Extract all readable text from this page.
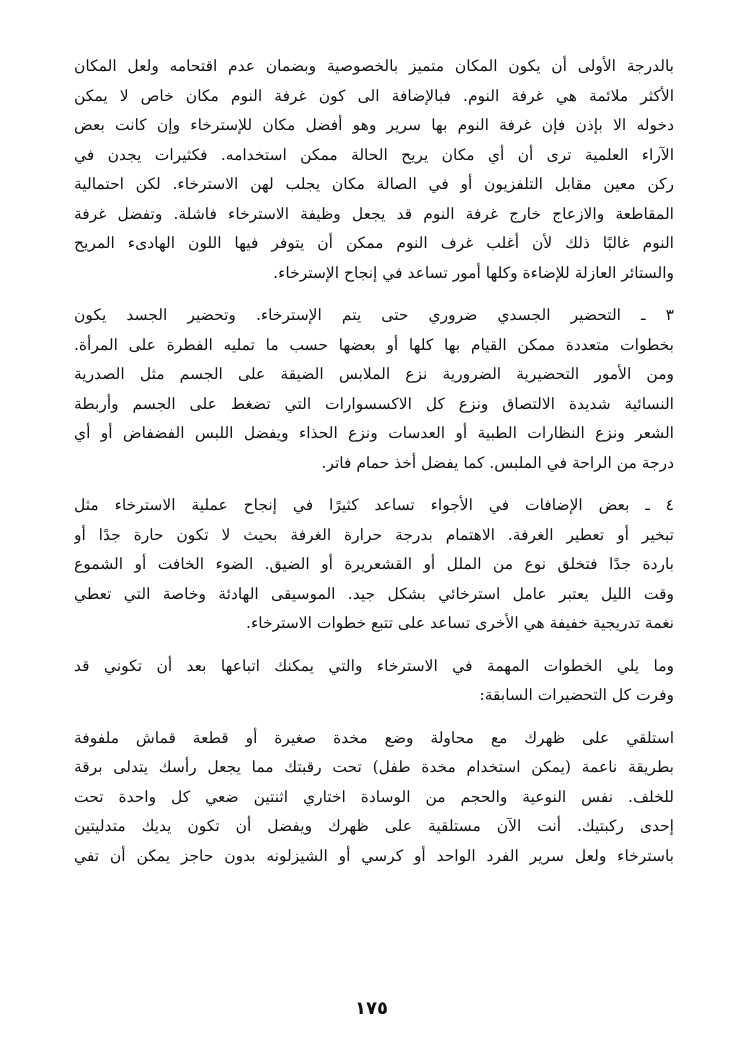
بالدرجة الأولى أن يكون المكان متميز بالخصوصية وبضمان عدم اقتحامه ولعل المكان
الأكثر ملائمة هي غرفة النوم. فبالإضافة الى كون غرفة النوم مكان خاص لا يمكن
دخوله الا بإذن فإن غرفة النوم بها سرير وهو أفضل مكان للإسترخاء وإن كانت بعض
الآراء العلمية ترى أن أي مكان يريح الحالة ممكن استخدامه. فكثيرات يجدن في
ركن معين مقابل التلفزيون أو في الصالة مكان يجلب لهن الاسترخاء. لكن احتمالية
المقاطعة والازعاج خارج غرفة النوم قد يجعل وظيفة الاسترخاء فاشلة. وتفضل غرفة
النوم غالبًا ذلك لأن أغلب غرف النوم ممكن أن يتوفر فيها اللون الهادىء المريح
والستائر العازلة للإضاءة وكلها أمور تساعد في إنجاح الإسترخاء.
٣ ـ التحضير الجسدي ضروري حتى يتم الإسترخاء. وتحضير الجسد يكون
بخطوات متعددة ممكن القيام بها كلها أو بعضها حسب ما تمليه الفطرة على المرأة.
ومن الأمور التحضيرية الضرورية نزع الملابس الضيقة على الجسم مثل الصدرية
النسائية شديدة الالتصاق ونزع كل الاكسسوارات التي تضغط على الجسم وأربطة
الشعر ونزع النظارات الطبية أو العدسات ونزع الحذاء ويفضل اللبس الفضفاض أو أي
درجة من الراحة في الملبس. كما يفضل أخذ حمام فاتر.
٤ ـ بعض الإضافات في الأجواء تساعد كثيرًا في إنجاح عملية الاسترخاء مثل
تبخير أو تعطير الغرفة. الاهتمام بدرجة حرارة الغرفة بحيث لا تكون حارة جدًا أو
باردة جدًا فتخلق نوع من الملل أو القشعريرة أو الضيق. الضوء الخافت أو الشموع
وقت الليل يعتبر عامل استرخائي بشكل جيد. الموسيقى الهادئة وخاصة التي تعطي
نغمة تدريجية خفيفة هي الأخرى تساعد على تتبع خطوات الاسترخاء.
وما يلي الخطوات المهمة في الاسترخاء والتي يمكنك اتباعها بعد أن تكوني قد
وفرت كل التحضيرات السابقة:
استلقي على ظهرك مع محاولة وضع مخدة صغيرة أو قطعة قماش ملفوفة
بطريقة ناعمة (يمكن استخدام مخدة طفل) تحت رقبتك مما يجعل رأسك يتدلى برقة
للخلف. نفس النوعية والحجم من الوسادة اختاري اثنتين ضعي كل واحدة تحت
إحدى ركبتيك. أنت الآن مستلقية على ظهرك ويفضل أن تكون يديك متدليتين
باسترخاء ولعل سرير الفرد الواحد أو كرسي أو الشيزلونه بدون حاجز يمكن أن تفي
١٧٥
